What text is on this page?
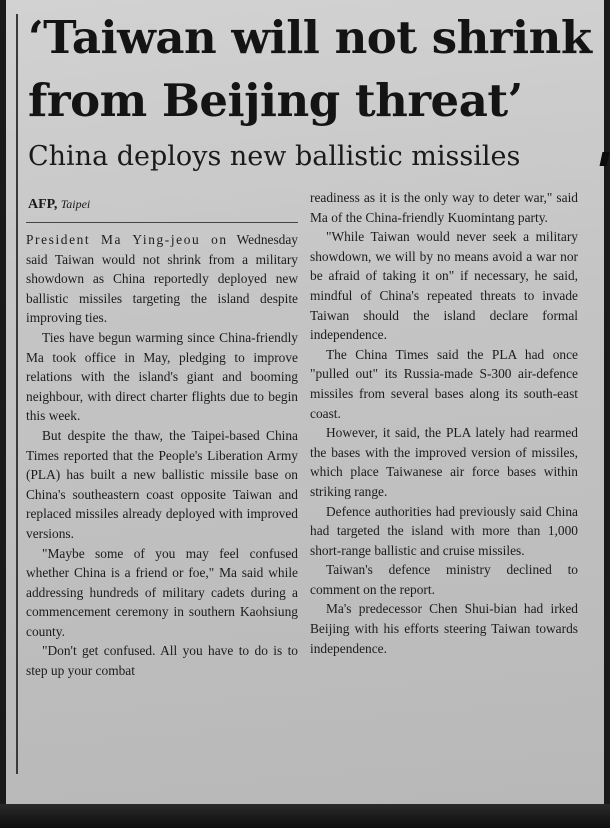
‘Taiwan will not shrink
from Beijing threat’
China deploys new ballistic missiles
AFP, Taipei

President Ma Ying-jeou on Wednesday said Taiwan would not shrink from a military showdown as China reportedly deployed new ballistic missiles targeting the island despite improving ties.

Ties have begun warming since China-friendly Ma took office in May, pledging to improve relations with the island's giant and booming neighbour, with direct charter flights due to begin this week.

But despite the thaw, the Taipei-based China Times reported that the People's Liberation Army (PLA) has built a new ballistic missile base on China's southeastern coast opposite Taiwan and replaced missiles already deployed with improved versions.

"Maybe some of you may feel confused whether China is a friend or foe," Ma said while addressing hundreds of military cadets during a commencement ceremony in southern Kaohsiung county.

"Don't get confused. All you have to do is to step up your combat

readiness as it is the only way to deter war," said Ma of the China-friendly Kuomintang party.

"While Taiwan would never seek a military showdown, we will by no means avoid a war nor be afraid of taking it on" if necessary, he said, mindful of China's repeated threats to invade Taiwan should the island declare formal independence.

The China Times said the PLA had once "pulled out" its Russia-made S-300 air-defence missiles from several bases along its south-east coast.

However, it said, the PLA lately had rearmed the bases with the improved version of missiles, which place Taiwanese air force bases within striking range.

Defence authorities had previously said China had targeted the island with more than 1,000 short-range ballistic and cruise missiles.

Taiwan's defence ministry declined to comment on the report.

Ma's predecessor Chen Shui-bian had irked Beijing with his efforts steering Taiwan towards independence.
